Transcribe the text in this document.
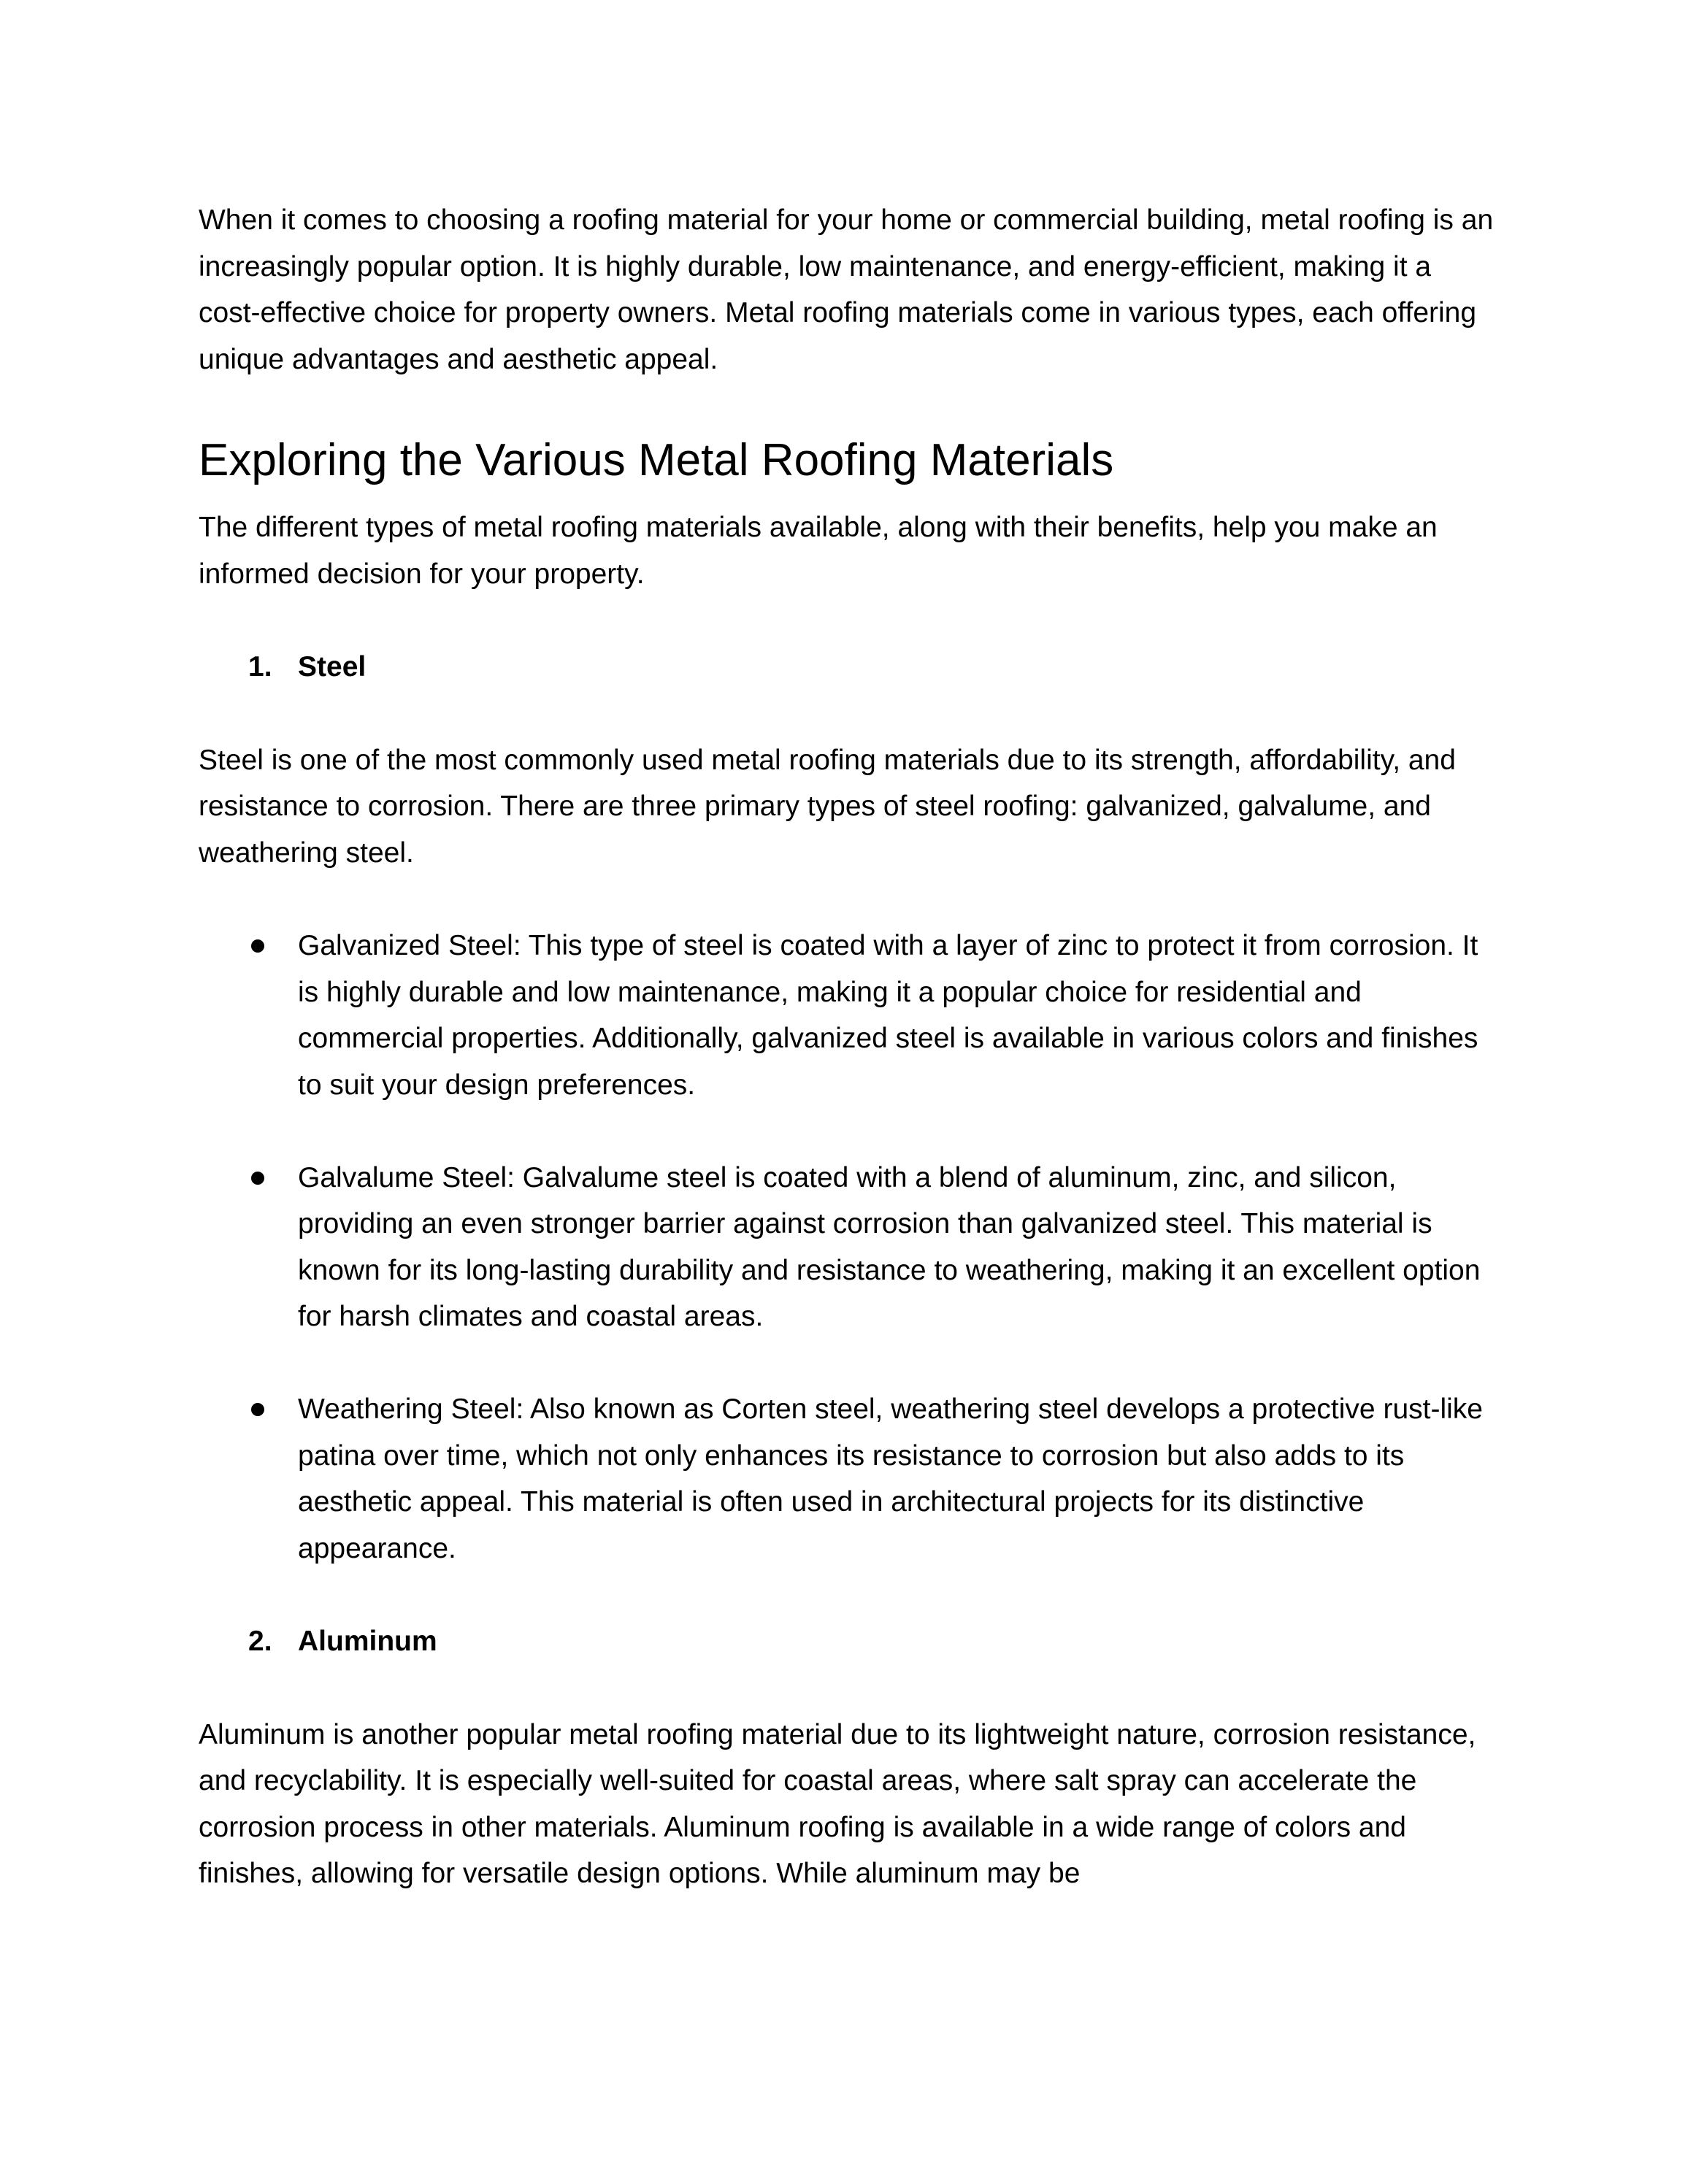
When it comes to choosing a roofing material for your home or commercial building, metal roofing is an increasingly popular option. It is highly durable, low maintenance, and energy-efficient, making it a cost-effective choice for property owners. Metal roofing materials come in various types, each offering unique advantages and aesthetic appeal.

Exploring the Various Metal Roofing Materials

The different types of metal roofing materials available, along with their benefits, help you make an informed decision for your property.

1. Steel

Steel is one of the most commonly used metal roofing materials due to its strength, affordability, and resistance to corrosion. There are three primary types of steel roofing: galvanized, galvalume, and weathering steel.

Galvanized Steel: This type of steel is coated with a layer of zinc to protect it from corrosion. It is highly durable and low maintenance, making it a popular choice for residential and commercial properties. Additionally, galvanized steel is available in various colors and finishes to suit your design preferences.
Galvalume Steel: Galvalume steel is coated with a blend of aluminum, zinc, and silicon, providing an even stronger barrier against corrosion than galvanized steel. This material is known for its long-lasting durability and resistance to weathering, making it an excellent option for harsh climates and coastal areas.
Weathering Steel: Also known as Corten steel, weathering steel develops a protective rust-like patina over time, which not only enhances its resistance to corrosion but also adds to its aesthetic appeal. This material is often used in architectural projects for its distinctive appearance.
2. Aluminum

Aluminum is another popular metal roofing material due to its lightweight nature, corrosion resistance, and recyclability. It is especially well-suited for coastal areas, where salt spray can accelerate the corrosion process in other materials. Aluminum roofing is available in a wide range of colors and finishes, allowing for versatile design options. While aluminum may be
